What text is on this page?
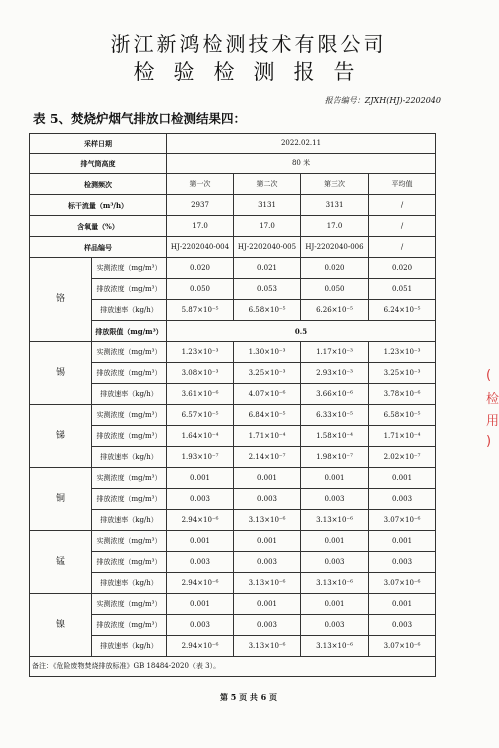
浙江新鸿检测技术有限公司
检验检测报告
报告编号：ZJXH(HJ)-2202040
表 5、焚烧炉烟气排放口检测结果四：
采样日期		2022.02.11			
排气筒高度		80 米			
检测频次		第一次	第二次	第三次	平均值
标干流量（m³/h）		2937	3131	3131	/
含氧量（%）		17.0	17.0	17.0	/
样品编号		HJ-2202040-004	HJ-2202040-005	HJ-2202040-006	/
铬	实测浓度（mg/m³）	0.020	0.021	0.020	0.020
	排放浓度（mg/m³）	0.050	0.053	0.050	0.051
	排放速率（kg/h）	5.87×10⁻⁵	6.58×10⁻⁵	6.26×10⁻⁵	6.24×10⁻⁵
	排放限值（mg/m³）	0.5			
锡	实测浓度（mg/m³）	1.23×10⁻³	1.30×10⁻³	1.17×10⁻³	1.23×10⁻³
	排放浓度（mg/m³）	3.08×10⁻³	3.25×10⁻³	2.93×10⁻³	3.25×10⁻³
	排放速率（kg/h）	3.61×10⁻⁶	4.07×10⁻⁶	3.66×10⁻⁶	3.78×10⁻⁶
锑	实测浓度（mg/m³）	6.57×10⁻⁵	6.84×10⁻⁵	6.33×10⁻⁵	6.58×10⁻⁵
	排放浓度（mg/m³）	1.64×10⁻⁴	1.71×10⁻⁴	1.58×10⁻⁴	1.71×10⁻⁴
	排放速率（kg/h）	1.93×10⁻⁷	2.14×10⁻⁷	1.98×10⁻⁷	2.02×10⁻⁷
铜	实测浓度（mg/m³）	0.001	0.001	0.001	0.001
	排放浓度（mg/m³）	0.003	0.003	0.003	0.003
	排放速率（kg/h）	2.94×10⁻⁶	3.13×10⁻⁶	3.13×10⁻⁶	3.07×10⁻⁶
锰	实测浓度（mg/m³）	0.001	0.001	0.001	0.001
	排放浓度（mg/m³）	0.003	0.003	0.003	0.003
	排放速率（kg/h）	2.94×10⁻⁶	3.13×10⁻⁶	3.13×10⁻⁶	3.07×10⁻⁶
镍	实测浓度（mg/m³）	0.001	0.001	0.001	0.001
	排放浓度（mg/m³）	0.003	0.003	0.003	0.003
	排放速率（kg/h）	2.94×10⁻⁶	3.13×10⁻⁶	3.13×10⁻⁶	3.07×10⁻⁶
备注：《危险废物焚烧排放标准》GB 18484-2020（表 3）。					
第 5 页 共 6 页
(
检
用
)
